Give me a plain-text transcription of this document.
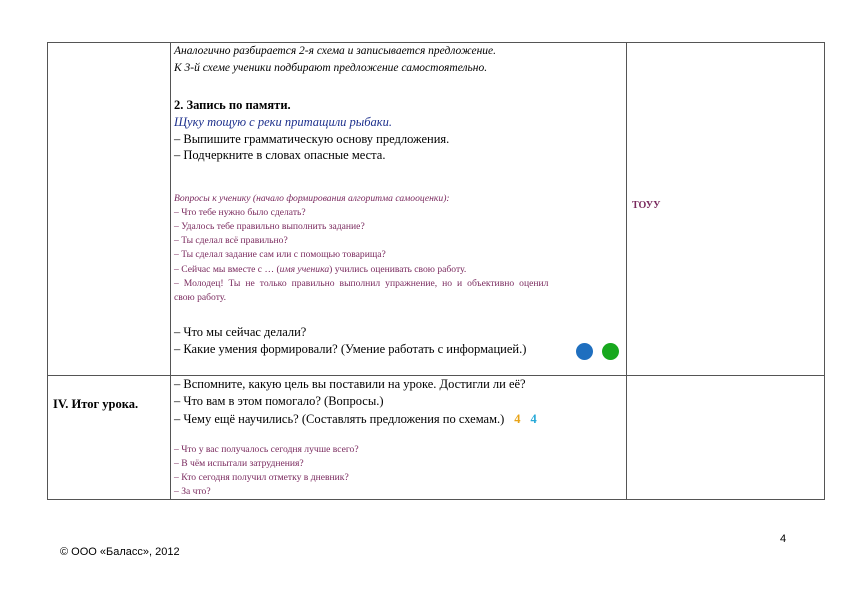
Аналогично разбирается 2-я схема и записывается предложение.
К 3-й схеме ученики подбирают предложение самостоятельно.
2. Запись по памяти.
Щуку тощую с реки притащили рыбаки.
– Выпишите грамматическую основу предложения.
– Подчеркните в словах опасные места.
Вопросы к ученику (начало формирования алгоритма самооценки):
– Что тебе нужно было сделать?
– Удалось тебе правильно выполнить задание?
– Ты сделал всё правильно?
– Ты сделал задание сам или с помощью товарища?
– Сейчас мы вместе с … (имя ученика) учились оценивать свою работу.
– Молодец! Ты не только правильно выполнил упражнение, но и объективно оценил
свою работу.
– Что мы сейчас делали?
– Какие умения формировали? (Умение работать с информацией.)
ТОУУ
IV. Итог урока.
– Вспомните, какую цель вы поставили на уроке. Достигли ли её?
– Что вам в этом помогало? (Вопросы.)
– Чему ещё научились? (Составлять предложения по схемам.) 4 4
– Что у вас получалось сегодня лучше всего?
– В чём испытали затруднения?
– Кто сегодня получил отметку в дневник?
– За что?
4
© ООО «Баласс», 2012
